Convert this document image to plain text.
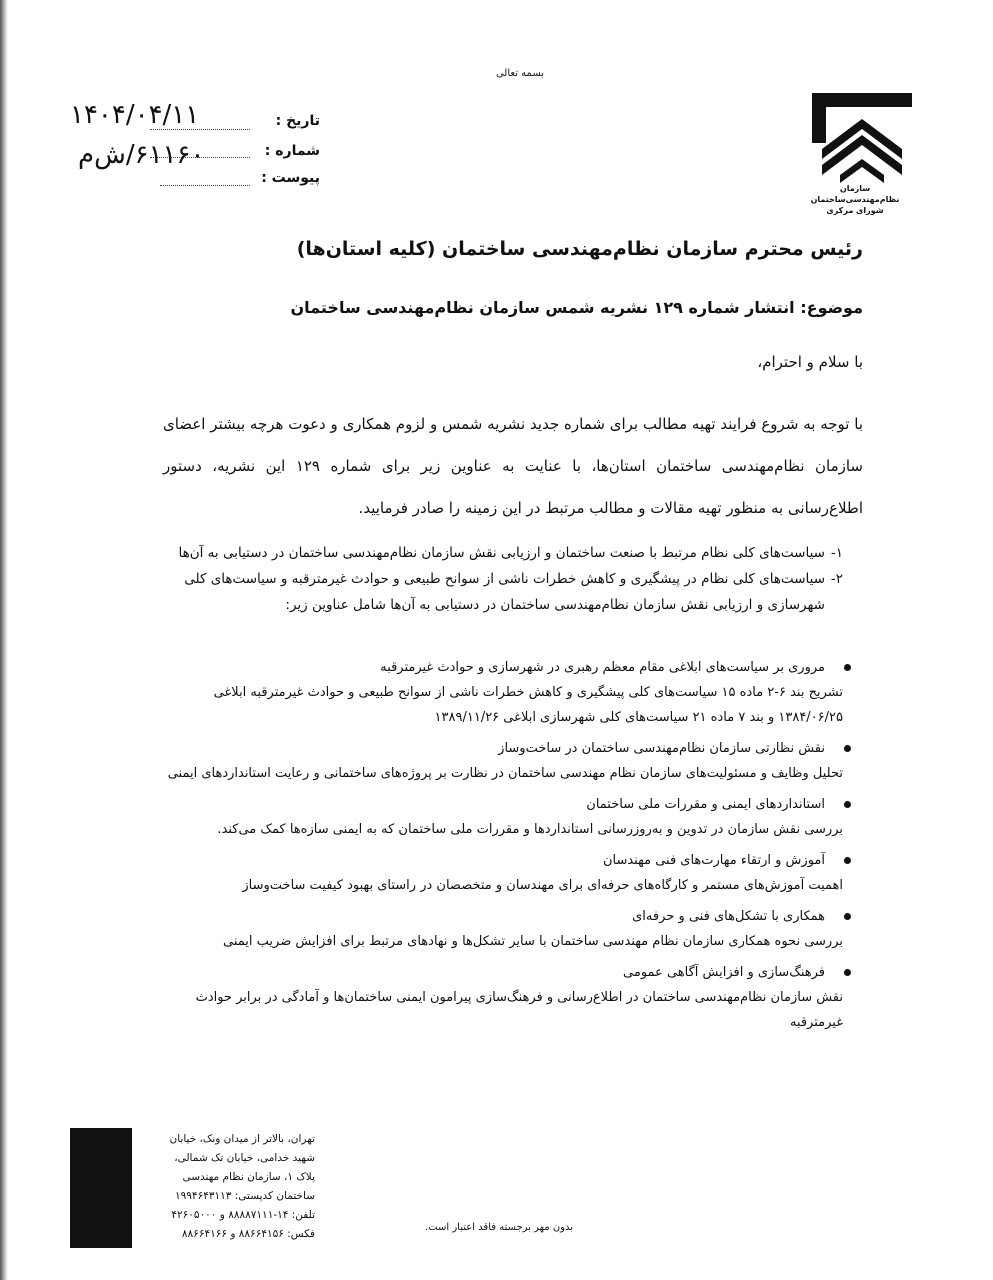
بسمه تعالی
سازمان نظام‌مهندسی‌ساختمان
شورای مرکزی
تاریخ :
شماره :
پیوست :
۱۴۰۴/۰۴/۱۱
۶۱۱۶۰/ش‌م
رئیس محترم سازمان نظام‌مهندسی ساختمان (کلیه استان‌ها)
موضوع: انتشار شماره ۱۲۹ نشریه شمس سازمان نظام‌مهندسی ساختمان
با سلام و احترام،

با توجه به شروع فرایند تهیه مطالب برای شماره جدید نشریه شمس و لزوم همکاری و دعوت هرچه بیشتر اعضای سازمان نظام‌مهندسی ساختمان استان‌ها، با عنایت به عناوین زیر برای شماره ۱۲۹ این نشریه، دستور اطلاع‌رسانی به منظور تهیه مقالات و مطالب مرتبط در این زمینه را صادر فرمایید.

۱-
سیاست‌های کلی نظام مرتبط با صنعت ساختمان و ارزیابی نقش سازمان نظام‌مهندسی ساختمان در دستیابی به آن‌ها
۲-
سیاست‌های کلی نظام در پیشگیری و کاهش خطرات ناشی از سوانح طبیعی و حوادث غیرمترقبه و سیاست‌های کلی شهرسازی و ارزیابی نقش سازمان نظام‌مهندسی ساختمان در دستیابی به آن‌ها شامل عناوین زیر:
مروری بر سیاست‌های ابلاغی مقام معظم رهبری در شهرسازی و حوادث غیرمترقبه
تشریح بند ۶-۲ ماده ۱۵ سیاست‌های کلی پیشگیری و کاهش خطرات ناشی از سوانح طبیعی و حوادث غیرمترقبه ابلاغی ۱۳۸۴/۰۶/۲۵ و بند ۷ ماده ۲۱ سیاست‌های کلی شهرسازی ابلاغی ۱۳۸۹/۱۱/۲۶
نقش نظارتی سازمان نظام‌مهندسی ساختمان در ساخت‌وساز
تحلیل وظایف و مسئولیت‌های سازمان نظام مهندسی ساختمان در نظارت بر پروژه‌های ساختمانی و رعایت استانداردهای ایمنی
استانداردهای ایمنی و مقررات ملی ساختمان
بررسی نقش سازمان در تدوین و به‌روزرسانی استانداردها و مقررات ملی ساختمان که به ایمنی سازه‌ها کمک می‌کند.
آموزش و ارتقاء مهارت‌های فنی مهندسان
اهمیت آموزش‌های مستمر و کارگاه‌های حرفه‌ای برای مهندسان و متخصصان در راستای بهبود کیفیت ساخت‌وساز
همکاری با تشکل‌های فنی و حرفه‌ای
بررسی نحوه همکاری سازمان نظام مهندسی ساختمان با سایر تشکل‌ها و نهادهای مرتبط برای افزایش ضریب ایمنی
فرهنگ‌سازی و افزایش آگاهی عمومی
نقش سازمان نظام‌مهندسی ساختمان در اطلاع‌رسانی و فرهنگ‌سازی پیرامون ایمنی ساختمان‌ها و آمادگی در برابر حوادث غیرمترقبه
تهران، بالاتر از میدان ونک، خیابان
شهید خدامی، خیابان تک شمالی،
پلاک ۱، سازمان نظام مهندسی
ساختمان کدپستی: ۱۹۹۴۶۴۳۱۱۳
تلفن: ۱۴-۸۸۸۸۷۱۱۱ و ۴۲۶۰۵۰۰۰
فکس: ۸۸۶۶۴۱۵۶ و ۸۸۶۶۴۱۶۶
بدون مهر برجسته فاقد اعتبار است.
